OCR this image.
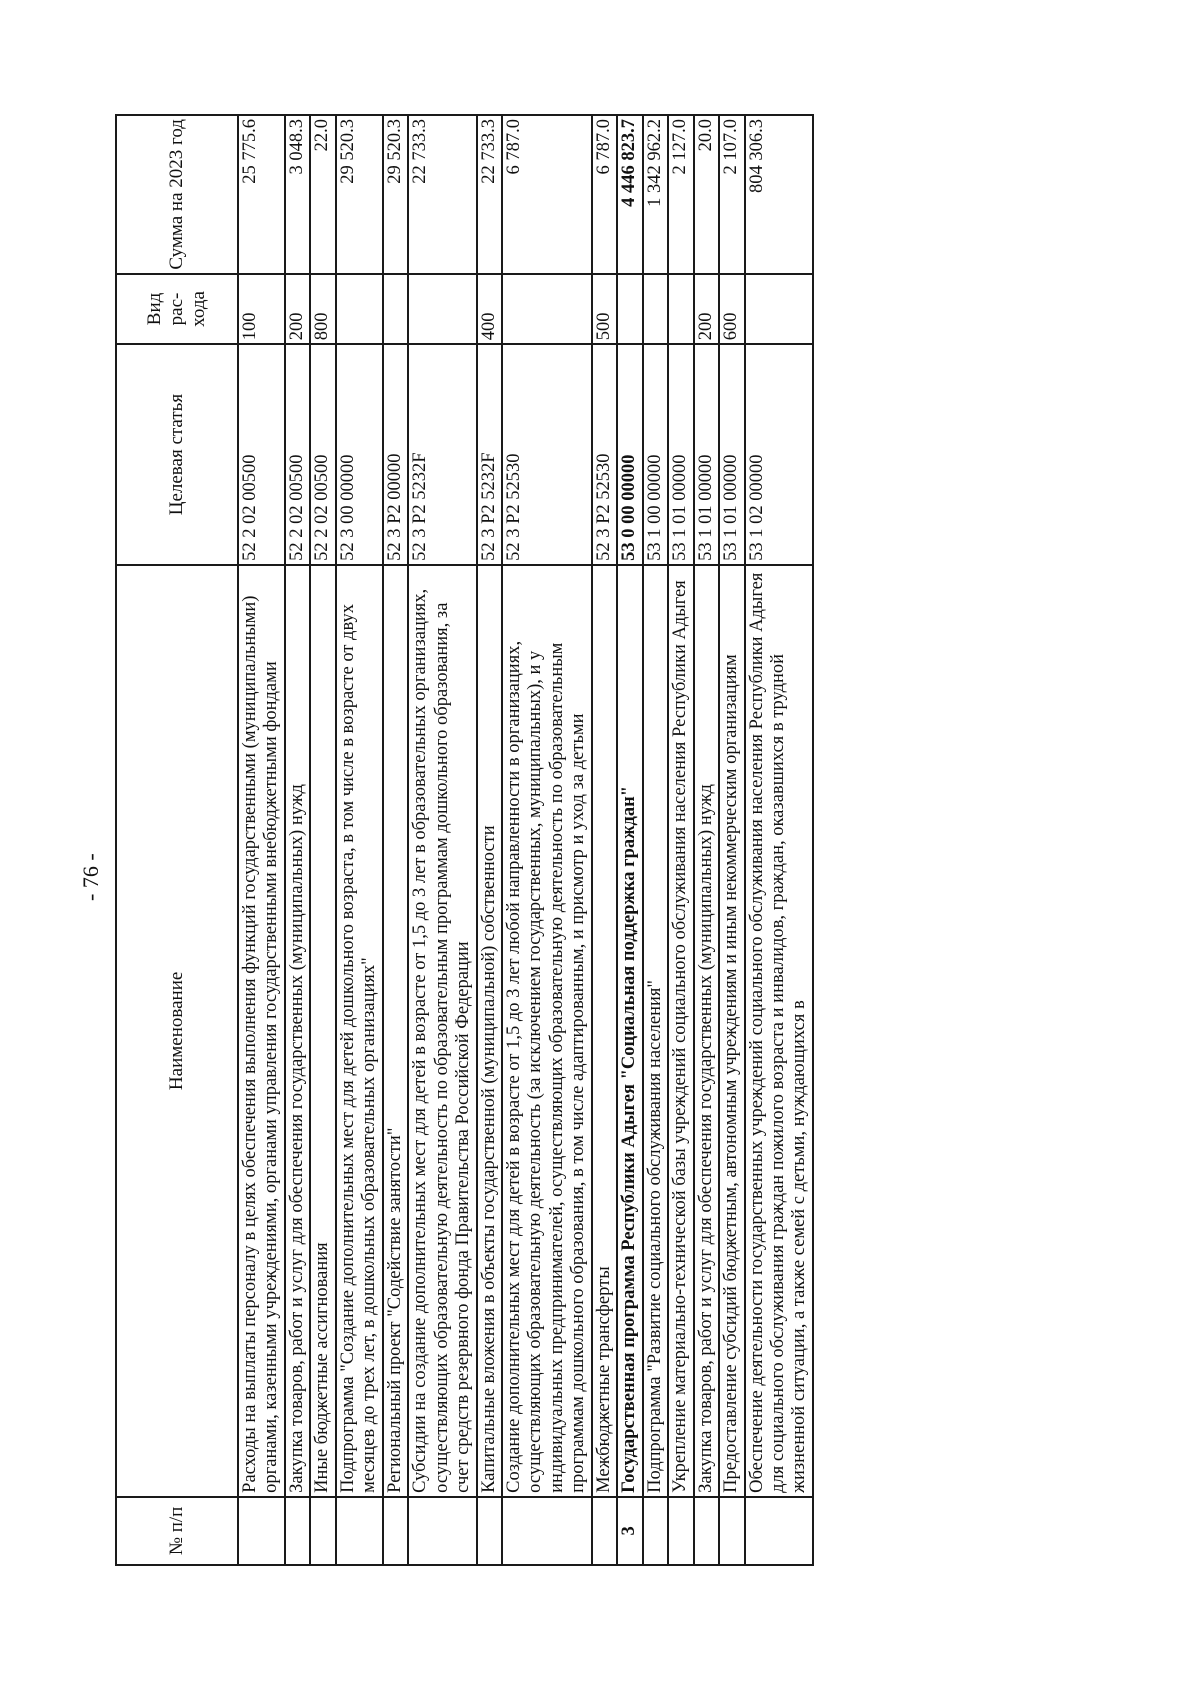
- 76 -
№ п/п	Наименование	Целевая статья	Вид рас-хода	Сумма на 2023 год
	Расходы на выплаты персоналу в целях обеспечения выполнения функций государственными (муниципальными) органами, казенными учреждениями, органами управления государственными внебюджетными фондами	52 2 02 00500	100	25 775.6
	Закупка товаров, работ и услуг для обеспечения государственных (муниципальных) нужд	52 2 02 00500	200	3 048.3
	Иные бюджетные ассигнования	52 2 02 00500	800	22.0
	Подпрограмма "Создание дополнительных мест для детей дошкольного возраста, в том числе в возрасте от двух месяцев до трех лет, в дошкольных образовательных организациях"	52 3 00 00000		29 520.3
	Региональный проект "Содействие занятости"	52 3 P2 00000		29 520.3
	Субсидии на создание дополнительных мест для детей в возрасте от 1,5 до 3 лет в образовательных организациях, осуществляющих образовательную деятельность по образовательным программам дошкольного образования, за счет средств резервного фонда Правительства Российской Федерации	52 3 P2 5232F		22 733.3
	Капитальные вложения в объекты государственной (муниципальной) собственности	52 3 P2 5232F	400	22 733.3
	Создание дополнительных мест для детей в возрасте от 1,5 до 3 лет любой направленности в организациях, осуществляющих образовательную деятельность (за исключением государственных, муниципальных), и у индивидуальных предпринимателей, осуществляющих образовательную деятельность по образовательным программам дошкольного образования, в том числе адаптированным, и присмотр и уход за детьми	52 3 P2 52530		6 787.0
	Межбюджетные трансферты	52 3 P2 52530	500	6 787.0
3	Государственная программа Республики Адыгея "Социальная поддержка граждан"	53 0 00 00000		4 446 823.7
	Подпрограмма "Развитие социального обслуживания населения"	53 1 00 00000		1 342 962.2
	Укрепление материально-технической базы учреждений социального обслуживания населения Республики Адыгея	53 1 01 00000		2 127.0
	Закупка товаров, работ и услуг для обеспечения государственных (муниципальных) нужд	53 1 01 00000	200	20.0
	Предоставление субсидий бюджетным, автономным учреждениям и иным некоммерческим организациям	53 1 01 00000	600	2 107.0
	Обеспечение деятельности государственных учреждений социального обслуживания населения Республики Адыгея для социального обслуживания граждан пожилого возраста и инвалидов, граждан, оказавшихся в трудной жизненной ситуации, а также семей с детьми, нуждающихся в	53 1 02 00000		804 306.3
